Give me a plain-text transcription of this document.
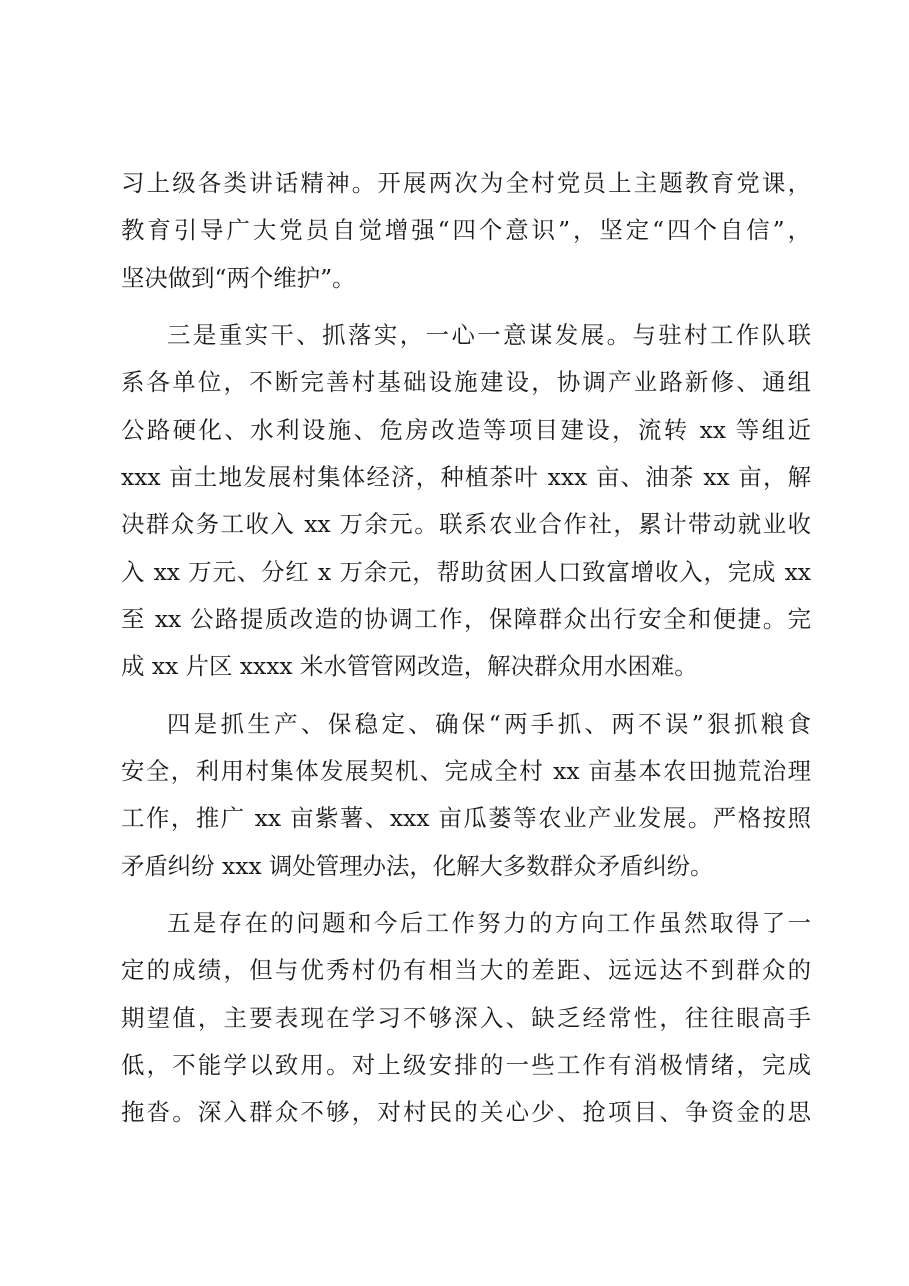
习上级各类讲话精神。开展两次为全村党员上主题教育党课，
教育引导广大党员自觉增强“四个意识”，坚定“四个自信”，
坚决做到“两个维护”。
三是重实干、抓落实，一心一意谋发展。与驻村工作队联
系各单位，不断完善村基础设施建设，协调产业路新修、通组
公路硬化、水利设施、危房改造等项目建设，流转 xx 等组近
xxx 亩土地发展村集体经济，种植茶叶 xxx 亩、油茶 xx 亩，解
决群众务工收入 xx 万余元。联系农业合作社，累计带动就业收
入 xx 万元、分红 x 万余元，帮助贫困人口致富增收入，完成 xx
至 xx 公路提质改造的协调工作，保障群众出行安全和便捷。完
成 xx 片区 xxxx 米水管管网改造，解决群众用水困难。
四是抓生产、保稳定、确保“两手抓、两不误”狠抓粮食
安全，利用村集体发展契机、完成全村 xx 亩基本农田抛荒治理
工作，推广 xx 亩紫薯、xxx 亩瓜蒌等农业产业发展。严格按照
矛盾纠纷 xxx 调处管理办法，化解大多数群众矛盾纠纷。
五是存在的问题和今后工作努力的方向工作虽然取得了一
定的成绩，但与优秀村仍有相当大的差距、远远达不到群众的
期望值，主要表现在学习不够深入、缺乏经常性，往往眼高手
低，不能学以致用。对上级安排的一些工作有消极情绪，完成
拖沓。深入群众不够，对村民的关心少、抢项目、争资金的思
